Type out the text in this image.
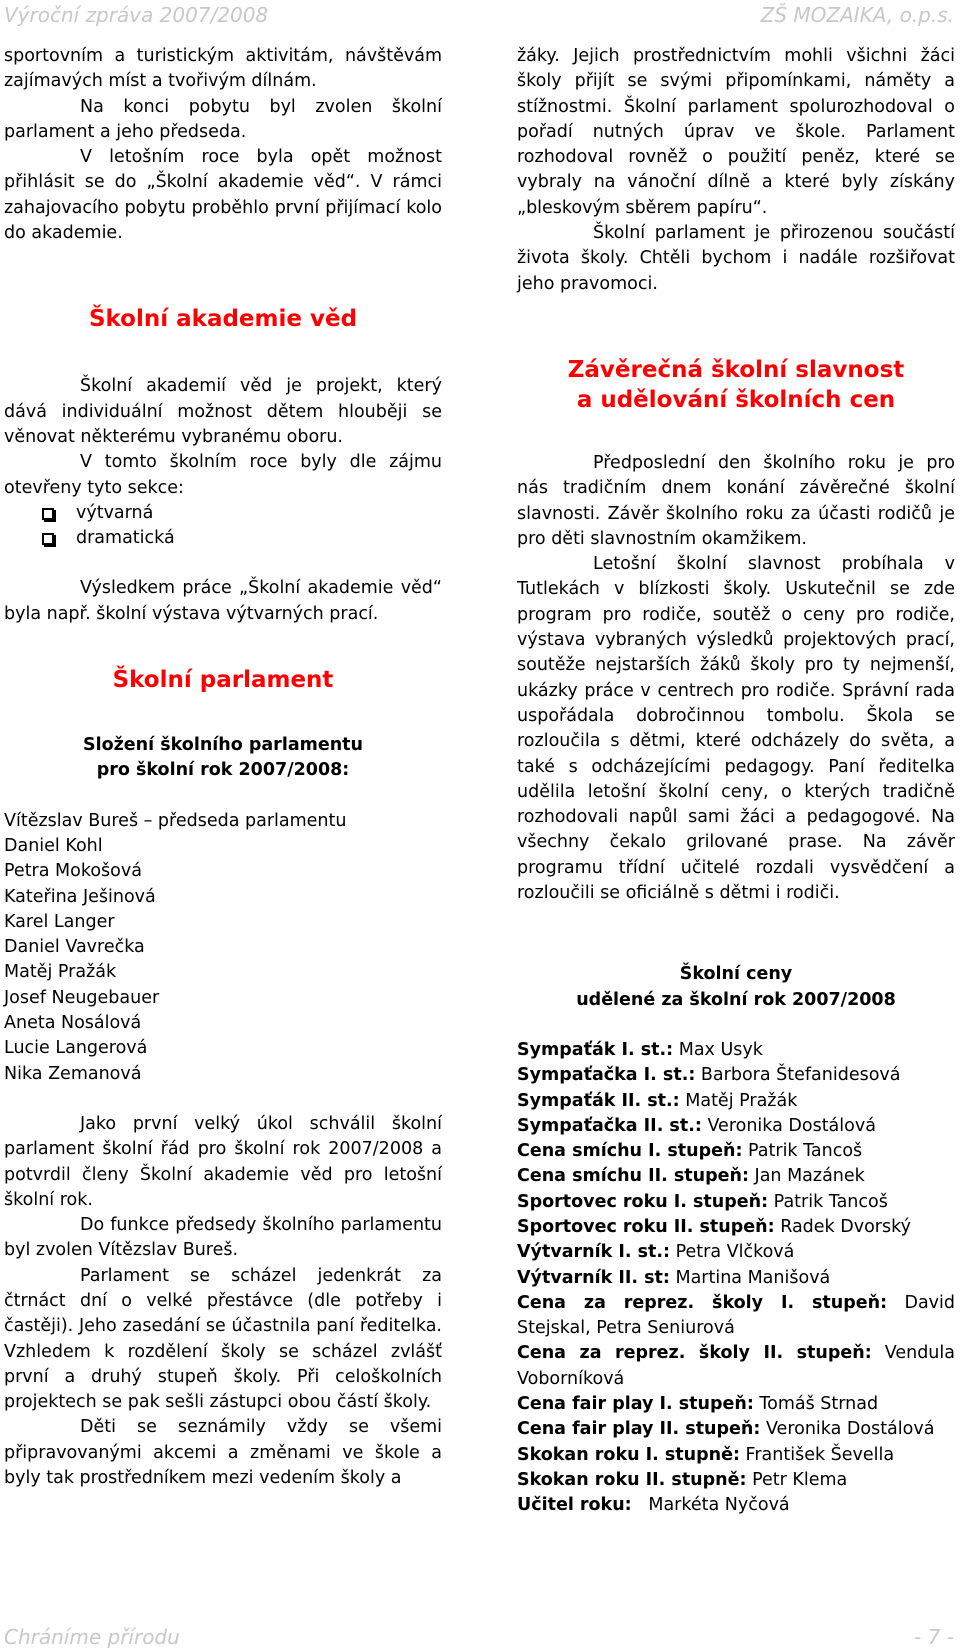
Výroční zpráva 2007/2008	ZŠ MOZAIKA, o.p.s.

sportovním a turistickým aktivitám, návštěvám zajímavých míst a tvořivým dílnám.

Na konci pobytu byl zvolen školní parlament a jeho předseda.

V letošním roce byla opět možnost přihlásit se do „Školní akademie věd“. V rámci zahajovacího pobytu proběhlo první přijímací kolo do akademie.

Školní akademie věd

Školní akademií věd je projekt, který dává individuální možnost dětem hlouběji se věnovat některému vybranému oboru.

V tomto školním roce byly dle zájmu otevřeny tyto sekce:

výtvarná
dramatická

Výsledkem práce „Školní akademie věd“ byla např. školní výstava výtvarných prací.

Školní parlament

Složení školního parlamentu

pro školní rok 2007/2008:

Vítězslav Bureš – předseda parlamentu
Daniel Kohl
Petra Mokošová
Kateřina Ješinová
Karel Langer
Daniel Vavrečka
Matěj Pražák
Josef Neugebauer
Aneta Nosálová
Lucie Langerová
Nika Zemanová

Jako první velký úkol schválil školní parlament školní řád pro školní rok 2007/2008 a potvrdil členy Školní akademie věd pro letošní školní rok.

Do funkce předsedy školního parlamentu byl zvolen Vítězslav Bureš.

Parlament se scházel jedenkrát za čtrnáct dní o velké přestávce (dle potřeby i častěji). Jeho zasedání se účastnila paní ředitelka. Vzhledem k rozdělení školy se scházel zvlášť první a druhý stupeň školy. Při celoškolních projektech se pak sešli zástupci obou částí školy.

Děti se seznámily vždy se všemi připravovanými akcemi a změnami ve škole a byly tak prostředníkem mezi vedením školy a

žáky. Jejich prostřednictvím mohli všichni žáci školy přijít se svými připomínkami, náměty a stížnostmi. Školní parlament spolurozhodoval o pořadí nutných úprav ve škole. Parlament rozhodoval rovněž o použití peněz, které se vybraly na vánoční dílně a které byly získány „bleskovým sběrem papíru“.

Školní parlament je přirozenou součástí života školy. Chtěli bychom i nadále rozšiřovat jeho pravomoci.

Závěrečná školní slavnost
a udělování školních cen

Předposlední den školního roku je pro nás tradičním dnem konání závěrečné školní slavnosti. Závěr školního roku za účasti rodičů je pro děti slavnostním okamžikem.

Letošní školní slavnost probíhala v Tutlekách v blízkosti školy. Uskutečnil se zde program pro rodiče, soutěž o ceny pro rodiče, výstava vybraných výsledků projektových prací, soutěže nejstarších žáků školy pro ty nejmenší, ukázky práce v centrech pro rodiče. Správní rada uspořádala dobročinnou tombolu. Škola se rozloučila s dětmi, které odcházely do světa, a také s odcházejícími pedagogy. Paní ředitelka udělila letošní školní ceny, o kterých tradičně rozhodovali napůl sami žáci a pedagogové. Na všechny čekalo grilované prase. Na závěr programu třídní učitelé rozdali vysvědčení a rozloučili se oficiálně s dětmi i rodiči.

Školní ceny

udělené za školní rok 2007/2008

Sympaťák I. st.: Max Usyk

Sympaťačka I. st.: Barbora Štefanidesová

Sympaťák II. st.: Matěj Pražák

Sympaťačka II. st.: Veronika Dostálová

Cena smíchu I. stupeň: Patrik Tancoš

Cena smíchu II. stupeň: Jan Mazánek

Sportovec roku I. stupeň: Patrik Tancoš

Sportovec roku II. stupeň: Radek Dvorský

Výtvarník I. st.: Petra Vlčková

Výtvarník II. st: Martina Manišová

Cena za reprez. školy I. stupeň: David Stejskal, Petra Seniurová

Cena za reprez. školy II. stupeň: Vendula Voborníková

Cena fair play I. stupeň: Tomáš Strnad

Cena fair play II. stupeň: Veronika Dostálová

Skokan roku I. stupně: František Ševella

Skokan roku II. stupně: Petr Klema

Učitel roku:   Markéta Nyčová

Chráníme přírodu	- 7 -
